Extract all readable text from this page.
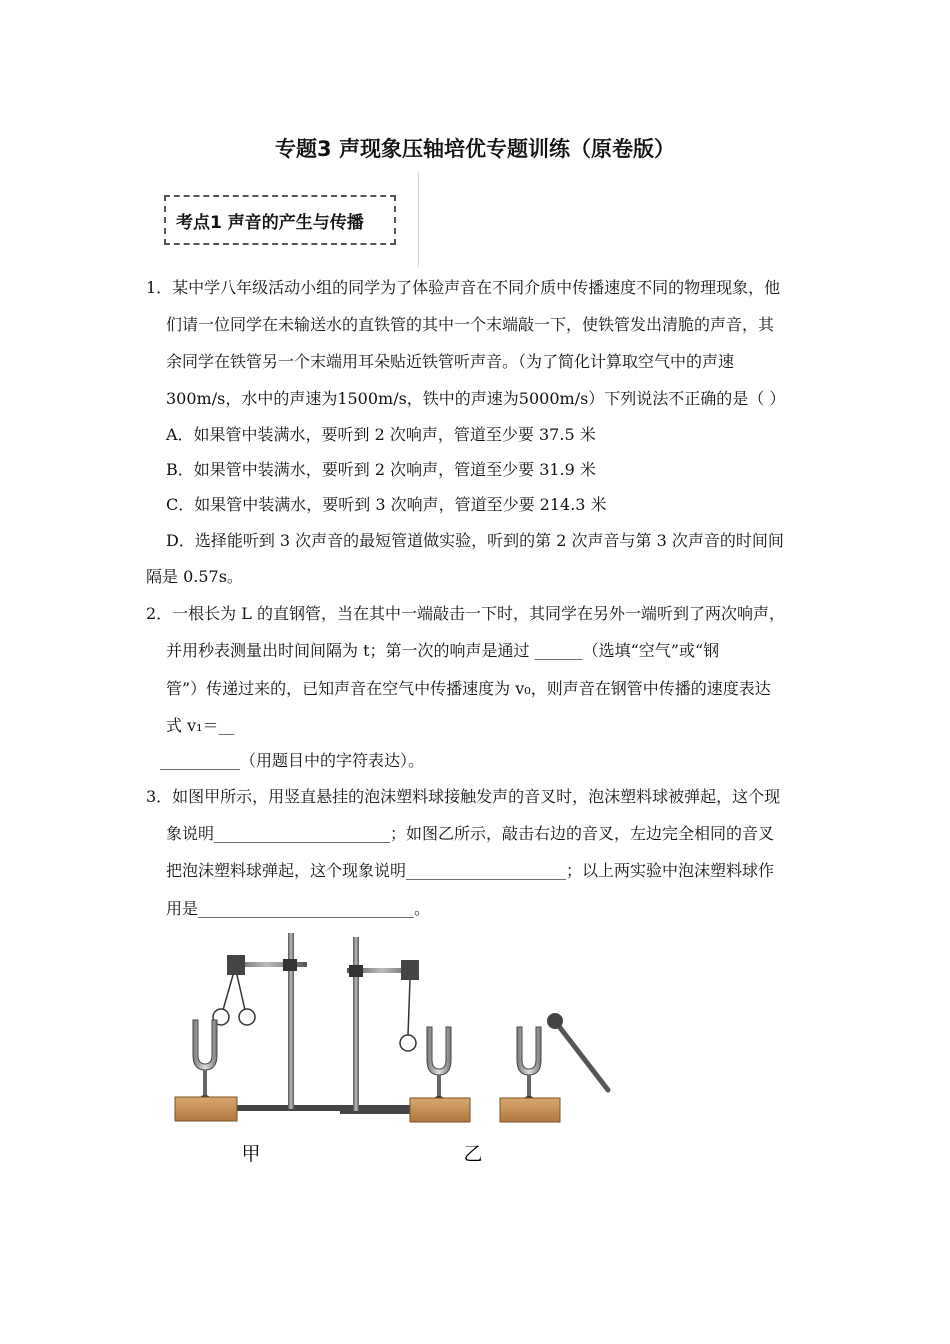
专题3 声现象压轴培优专题训练（原卷版）
考点1 声音的产生与传播
1．某中学八年级活动小组的同学为了体验声音在不同介质中传播速度不同的物理现象，他
们请一位同学在未输送水的直铁管的其中一个末端敲一下，使铁管发出清脆的声音，其
余同学在铁管另一个末端用耳朵贴近铁管听声音。（为了简化计算取空气中的声速
300m/s，水中的声速为1500m/s，铁中的声速为5000m/s）下列说法不正确的是（ ）
A．如果管中装满水，要听到 2 次响声，管道至少要 37.5 米
B．如果管中装满水，要听到 2 次响声，管道至少要 31.9 米
C．如果管中装满水，要听到 3 次响声，管道至少要 214.3 米
D．选择能听到 3 次声音的最短管道做实验，听到的第 2 次声音与第 3 次声音的时间间
隔是 0.57s。
2．一根长为 L 的直钢管，当在其中一端敲击一下时，其同学在另外一端听到了两次响声，
并用秒表测量出时间间隔为 t；第一次的响声是通过 ______（选填“空气”或“钢
管”）传递过来的，已知声音在空气中传播速度为 v₀，则声音在钢管中传播的速度表达
式 v₁＝__
__________（用题目中的字符表达）。
3．如图甲所示，用竖直悬挂的泡沫塑料球接触发声的音叉时，泡沫塑料球被弹起，这个现
象说明______________________；如图乙所示，敲击右边的音叉，左边完全相同的音叉
把泡沫塑料球弹起，这个现象说明____________________；以上两实验中泡沫塑料球作
用是___________________________。
甲	乙
